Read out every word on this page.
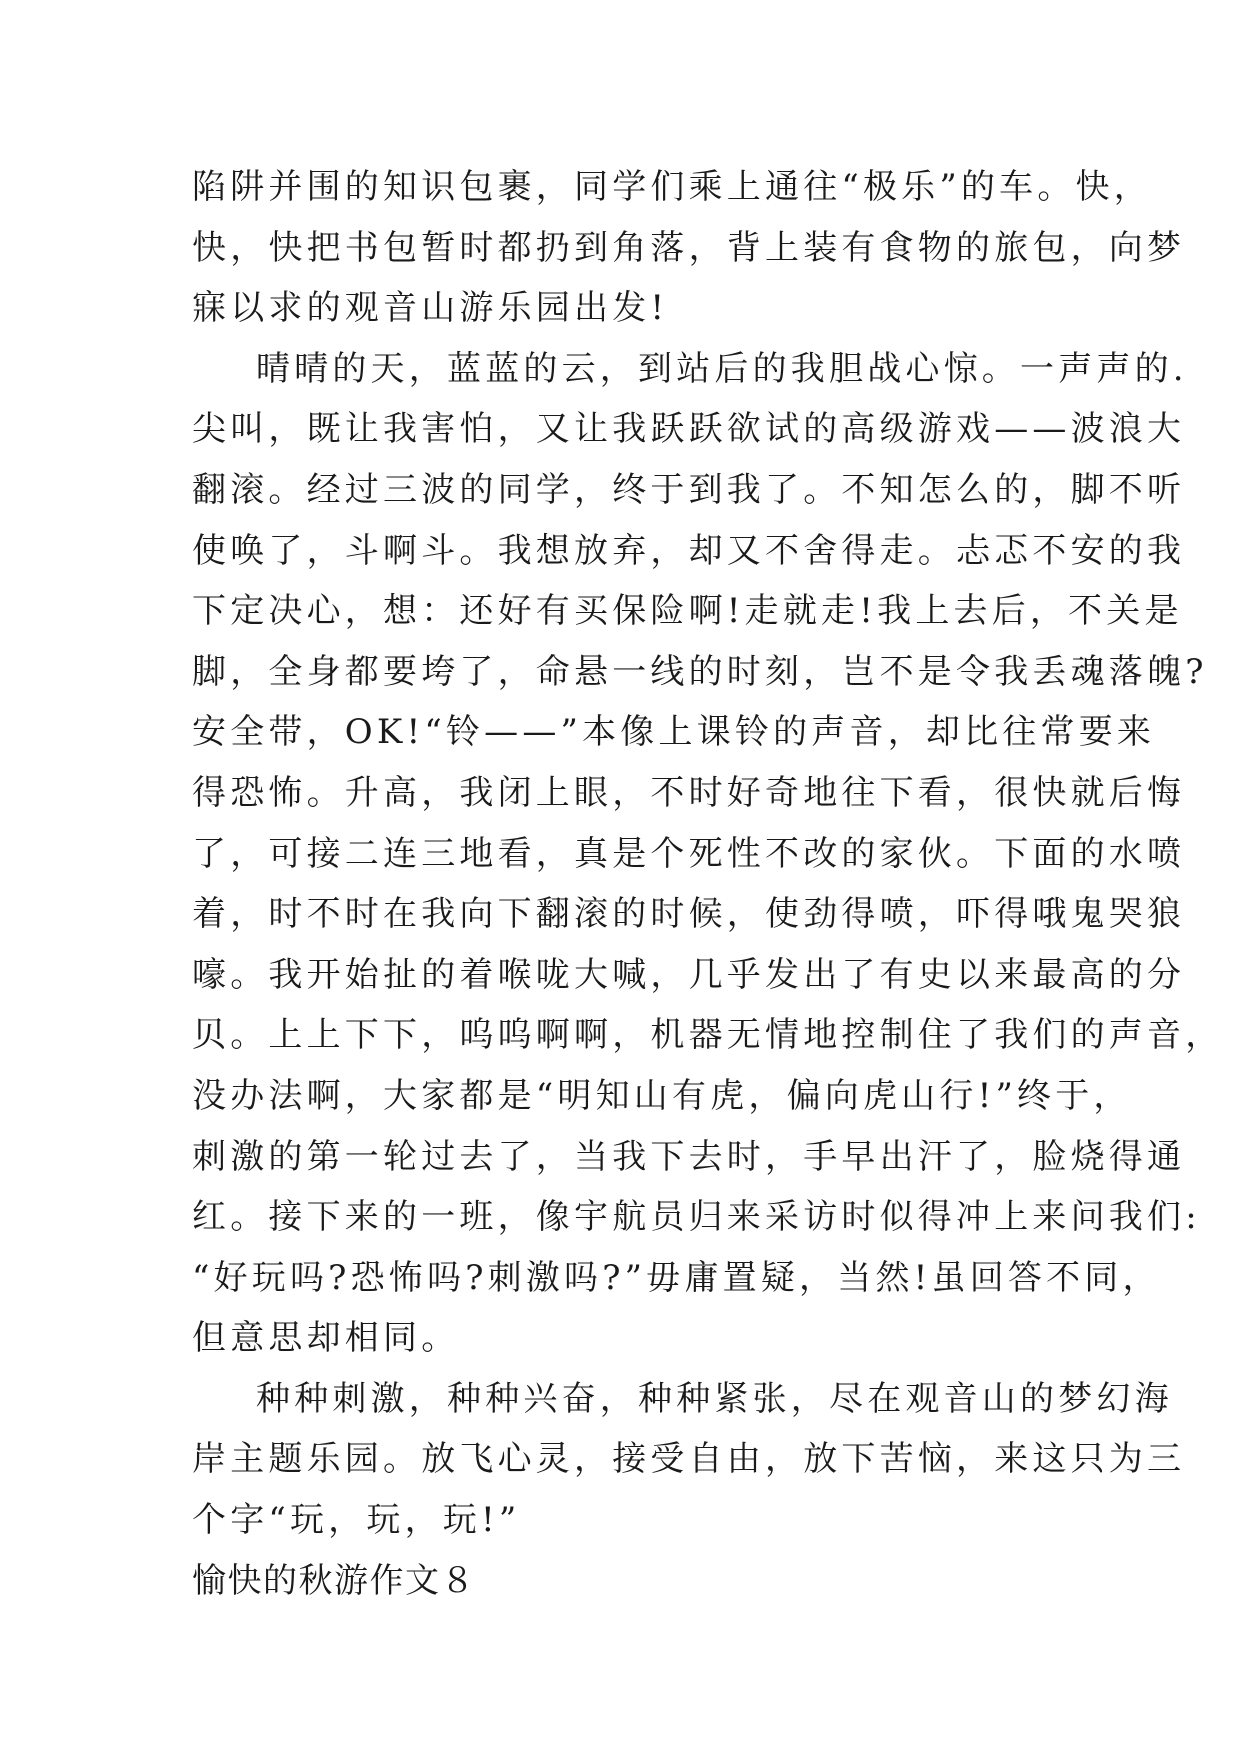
陷阱并围的知识包裹，同学们乘上通往“极乐”的车。快，
快，快把书包暂时都扔到角落，背上装有食物的旅包，向梦
寐以求的观音山游乐园出发!
晴晴的天，蓝蓝的云，到站后的我胆战心惊。一声声的.
尖叫，既让我害怕，又让我跃跃欲试的高级游戏——波浪大
翻滚。经过三波的同学，终于到我了。不知怎么的，脚不听
使唤了，斗啊斗。我想放弃，却又不舍得走。忐忑不安的我
下定决心，想：还好有买保险啊!走就走!我上去后，不关是
脚，全身都要垮了，命悬一线的时刻，岂不是令我丢魂落魄?
安全带，OK!“铃——”本像上课铃的声音，却比往常要来
得恐怖。升高，我闭上眼，不时好奇地往下看，很快就后悔
了，可接二连三地看，真是个死性不改的家伙。下面的水喷
着，时不时在我向下翻滚的时候，使劲得喷，吓得哦鬼哭狼
嚎。我开始扯的着喉咙大喊，几乎发出了有史以来最高的分
贝。上上下下，呜呜啊啊，机器无情地控制住了我们的声音，
没办法啊，大家都是“明知山有虎，偏向虎山行!”终于，
刺激的第一轮过去了，当我下去时，手早出汗了，脸烧得通
红。接下来的一班，像宇航员归来采访时似得冲上来问我们:
“好玩吗?恐怖吗?刺激吗?”毋庸置疑，当然!虽回答不同，
但意思却相同。
种种刺激，种种兴奋，种种紧张，尽在观音山的梦幻海
岸主题乐园。放飞心灵，接受自由，放下苦恼，来这只为三
个字“玩，玩，玩!”
愉快的秋游作文８
